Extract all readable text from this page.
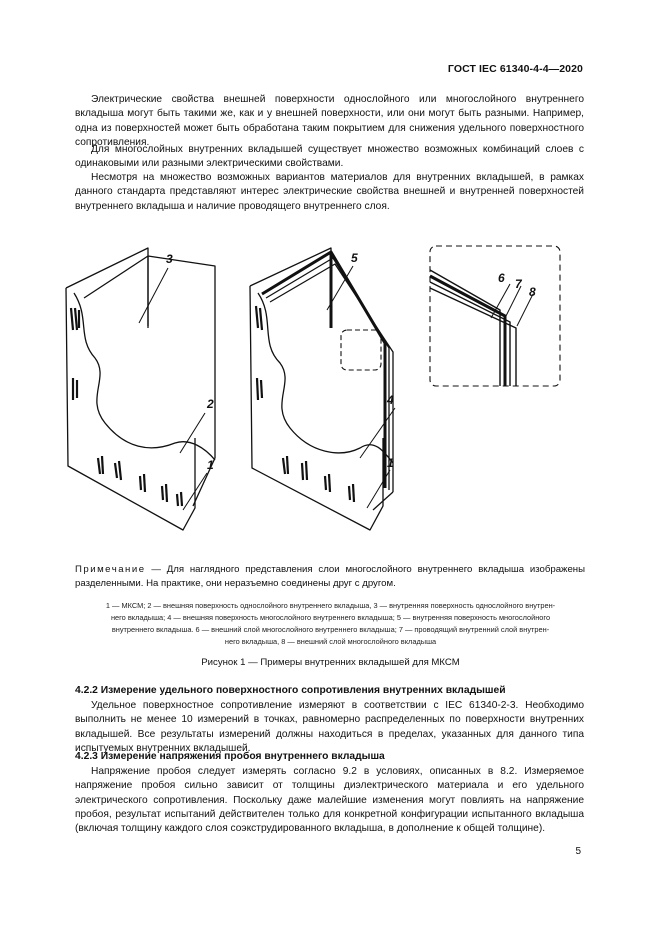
ГОСТ IEC 61340-4-4—2020

Электрические свойства внешней поверхности однослойного или многослойного внутреннего вкладыша могут быть такими же, как и у внешней поверхности, или они могут быть разными. Например, одна из поверхностей может быть обработана таким покрытием для снижения удельного поверхностного сопротивления.

Для многослойных внутренних вкладышей существует множество возможных комбинаций слоев с одинаковыми или разными электрическими свойствами.

Несмотря на множество возможных вариантов материалов для внутренних вкладышей, в рамках данного стандарта представляют интерес электрические свойства внешней и внутренней поверхностей внутреннего вкладыша и наличие проводящего внутреннего слоя.

3
2
1
5
4
1
6 7
8
Примечание — Для наглядного представления слои многослойного внутреннего вкладыша изображены разделенными. На практике, они неразъемно соединены друг с другом.

1 — МКСМ; 2 — внешняя поверхность однослойного внутреннего вкладыша, 3 — внутренняя поверхность однослойного внутрен-

него вкладыша; 4 — внешняя поверхность многослойного внутреннего вкладыша; 5 — внутренняя поверхность многослойного

внутреннего вкладыша. 6 — внешний слой многослойного внутреннего вкладыша; 7 — проводящий внутренний слой внутрен-

него вкладыша, 8 — внешний слой многослойного вкладыша

Рисунок 1 — Примеры внутренних вкладышей для МКСМ
4.2.2 Измерение удельного поверхностного сопротивления внутренних вкладышей

Удельное поверхностное сопротивление измеряют в соответствии с IEC 61340-2-3. Необходимо выполнить не менее 10 измерений в точках, равномерно распределенных по поверхности внутренних вкладышей. Все результаты измерений должны находиться в пределах, указанных для данного типа испытуемых внутренних вкладышей.

4.2.3 Измерение напряжения пробоя внутреннего вкладыша

Напряжение пробоя следует измерять согласно 9.2 в условиях, описанных в 8.2. Измеряемое напряжение пробоя сильно зависит от толщины диэлектрического материала и его удельного электрического сопротивления. Поскольку даже малейшие изменения могут повлиять на напряжение пробоя, результат испытаний действителен только для конкретной конфигурации испытанного вкладыша (включая толщину каждого слоя соэкструдированного вкладыша, в дополнение к общей толщине).

5
